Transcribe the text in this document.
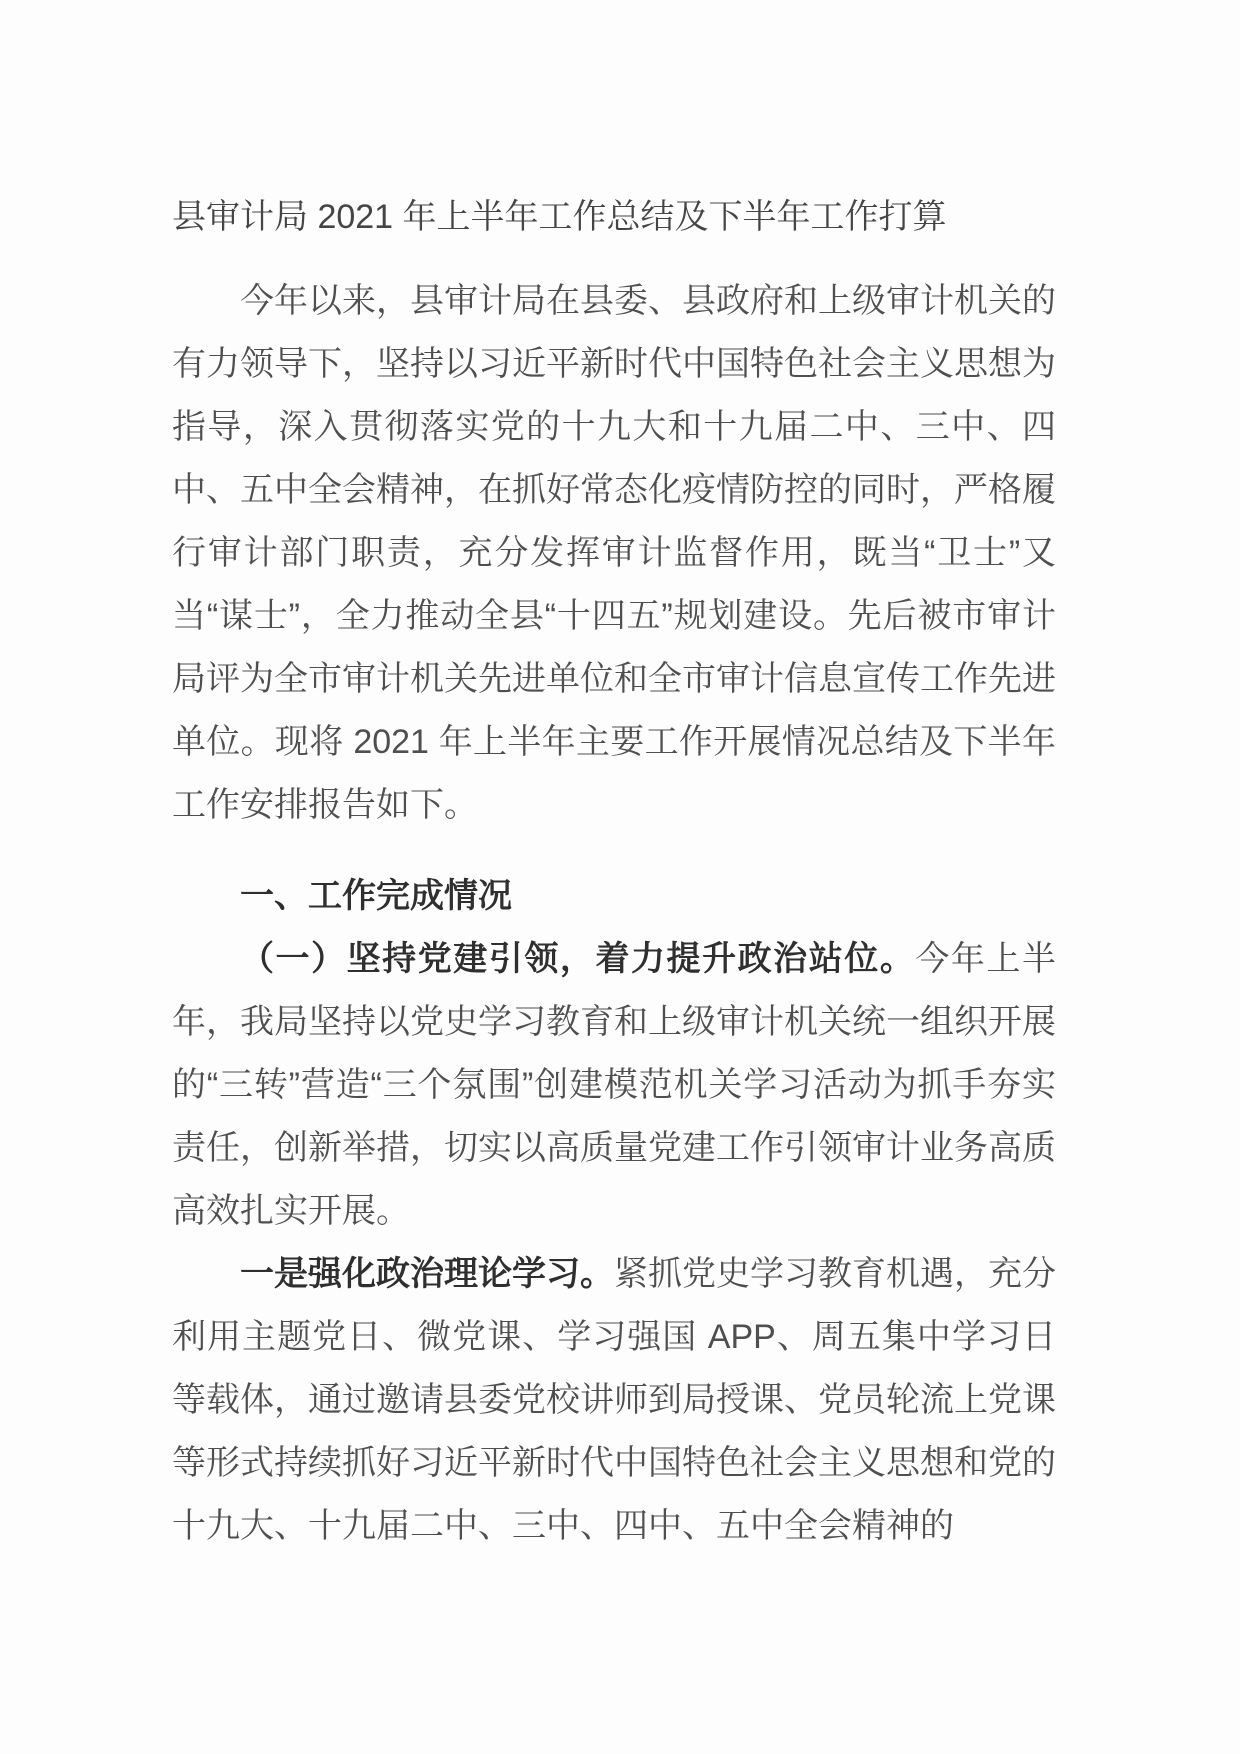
县审计局 2021 年上半年工作总结及下半年工作打算

今年以来，县审计局在县委、县政府和上级审计机关的有力领导下，坚持以习近平新时代中国特色社会主义思想为指导，深入贯彻落实党的十九大和十九届二中、三中、四中、五中全会精神，在抓好常态化疫情防控的同时，严格履行审计部门职责，充分发挥审计监督作用，既当“卫士”又当“谋士”，全力推动全县“十四五”规划建设。先后被市审计局评为全市审计机关先进单位和全市审计信息宣传工作先进单位。现将 2021 年上半年主要工作开展情况总结及下半年工作安排报告如下。

一、工作完成情况

（一）坚持党建引领，着力提升政治站位。今年上半年，我局坚持以党史学习教育和上级审计机关统一组织开展的“三转”营造“三个氛围”创建模范机关学习活动为抓手夯实责任，创新举措，切实以高质量党建工作引领审计业务高质高效扎实开展。

一是强化政治理论学习。紧抓党史学习教育机遇，充分利用主题党日、微党课、学习强国 APP、周五集中学习日等载体，通过邀请县委党校讲师到局授课、党员轮流上党课等形式持续抓好习近平新时代中国特色社会主义思想和党的十九大、十九届二中、三中、四中、五中全会精神的
